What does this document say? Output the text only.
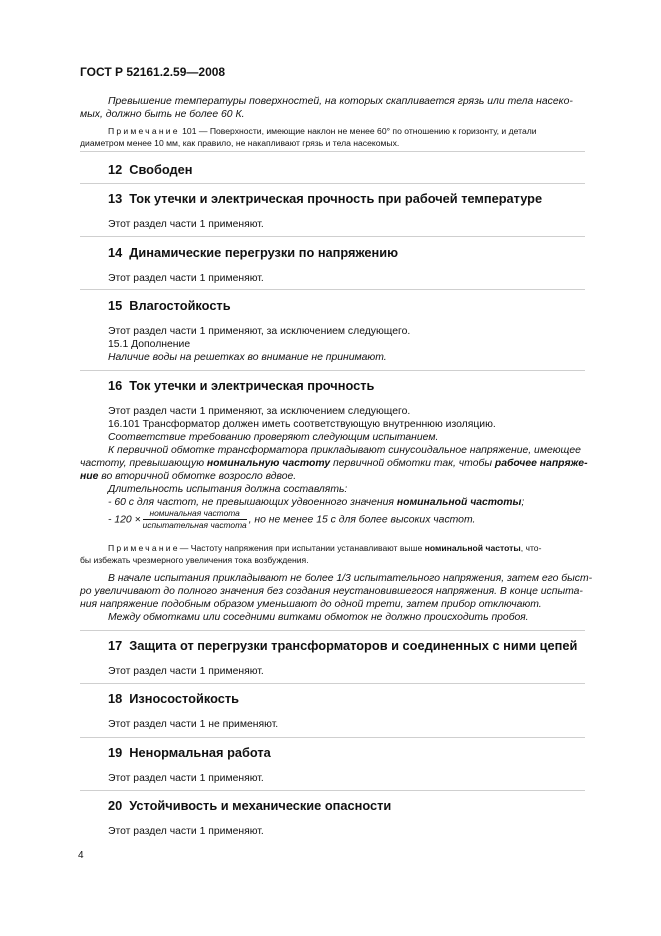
ГОСТ Р 52161.2.59—2008
Превышение температуры поверхностей, на которых скапливается грязь или тела насеко-
мых, должно быть не более 60 К.
Примечание 101 — Поверхности, имеющие наклон не менее 60° по отношению к горизонту, и детали
диаметром менее 10 мм, как правило, не накапливают грязь и тела насекомых.
12 Свободен
13 Ток утечки и электрическая прочность при рабочей температуре
Этот раздел части 1 применяют.
14 Динамические перегрузки по напряжению
Этот раздел части 1 применяют.
15 Влагостойкость
Этот раздел части 1 применяют, за исключением следующего.
15.1 Дополнение
Наличие воды на решетках во внимание не принимают.
16 Ток утечки и электрическая прочность
Этот раздел части 1 применяют, за исключением следующего.
16.101 Трансформатор должен иметь соответствующую внутреннюю изоляцию.
Соответствие требованию проверяют следующим испытанием.
К первичной обмотке трансформатора прикладывают синусоидальное напряжение, имеющее
частоту, превышающую номинальную частоту первичной обмотки так, чтобы рабочее напряже-
ние во вторичной обмотке возросло вдвое.
Длительность испытания должна составлять:
- 60 с для частот, не превышающих удвоенного значения номинальной частоты;
- $120 \times \frac{\text{номинальная частота}}{\text{испытательная частота}}$ , но не менее 15 с для более высоких частот.
Примечание— Частоту напряжения при испытании устанавливают выше номинальной частоты, что-
бы избежать чрезмерного увеличения тока возбуждения.
В начале испытания прикладывают не более 1/3 испытательного напряжения, затем его быст-
ро увеличивают до полного значения без создания неустановившегося напряжения. В конце испыта-
ния напряжение подобным образом уменьшают до одной трети, затем прибор отключают.
Между обмотками или соседними витками обмоток не должно происходить пробоя.
17 Защита от перегрузки трансформаторов и соединенных с ними цепей
Этот раздел части 1 применяют.
18 Износостойкость
Этот раздел части 1 не применяют.
19 Ненормальная работа
Этот раздел части 1 применяют.
20 Устойчивость и механические опасности
Этот раздел части 1 применяют.
4
